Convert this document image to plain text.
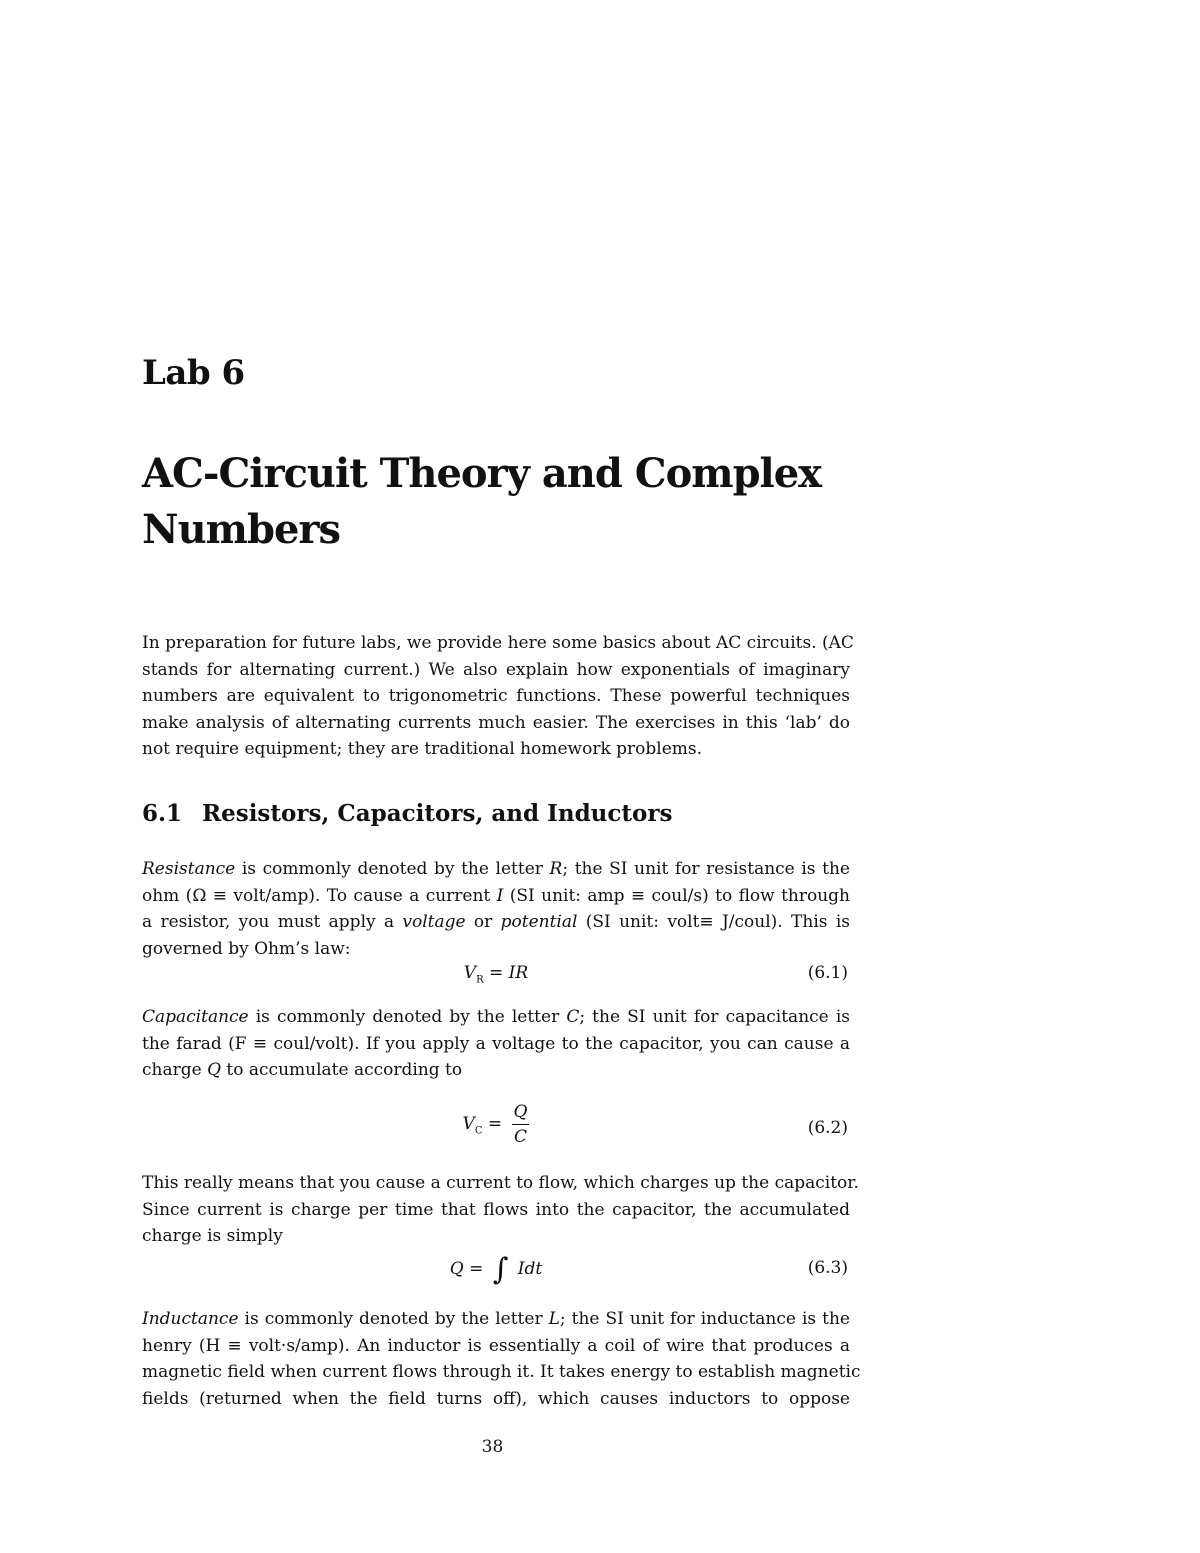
Lab 6
AC-Circuit Theory and Complex
Numbers
In preparation for future labs, we provide here some basics about AC circuits. (AC
stands for alternating current.) We also explain how exponentials of imaginary
numbers are equivalent to trigonometric functions. These powerful techniques
make analysis of alternating currents much easier. The exercises in this ‘lab’ do
not require equipment; they are traditional homework problems.
6.1 Resistors, Capacitors, and Inductors
Resistance is commonly denoted by the letter R; the SI unit for resistance is the
ohm (Ω ≡ volt/amp). To cause a current I (SI unit: amp ≡ coul/s) to flow through
a resistor, you must apply a voltage or potential (SI unit: volt≡ J/coul). This is
governed by Ohm’s law:
$V_R$ = IR	(6.1)
Capacitance is commonly denoted by the letter C; the SI unit for capacitance is
the farad (F ≡ coul/volt). If you apply a voltage to the capacitor, you can cause a
charge Q to accumulate according to
$V_C = \frac{Q}{C}$	(6.2)
This really means that you cause a current to flow, which charges up the capacitor.
Since current is charge per time that flows into the capacitor, the accumulated
charge is simply
Q = ∫ Idt	(6.3)
Inductance is commonly denoted by the letter L; the SI unit for inductance is the
henry (H ≡ volt·s/amp). An inductor is essentially a coil of wire that produces a
magnetic field when current flows through it. It takes energy to establish magnetic
fields (returned when the field turns off), which causes inductors to oppose
38
